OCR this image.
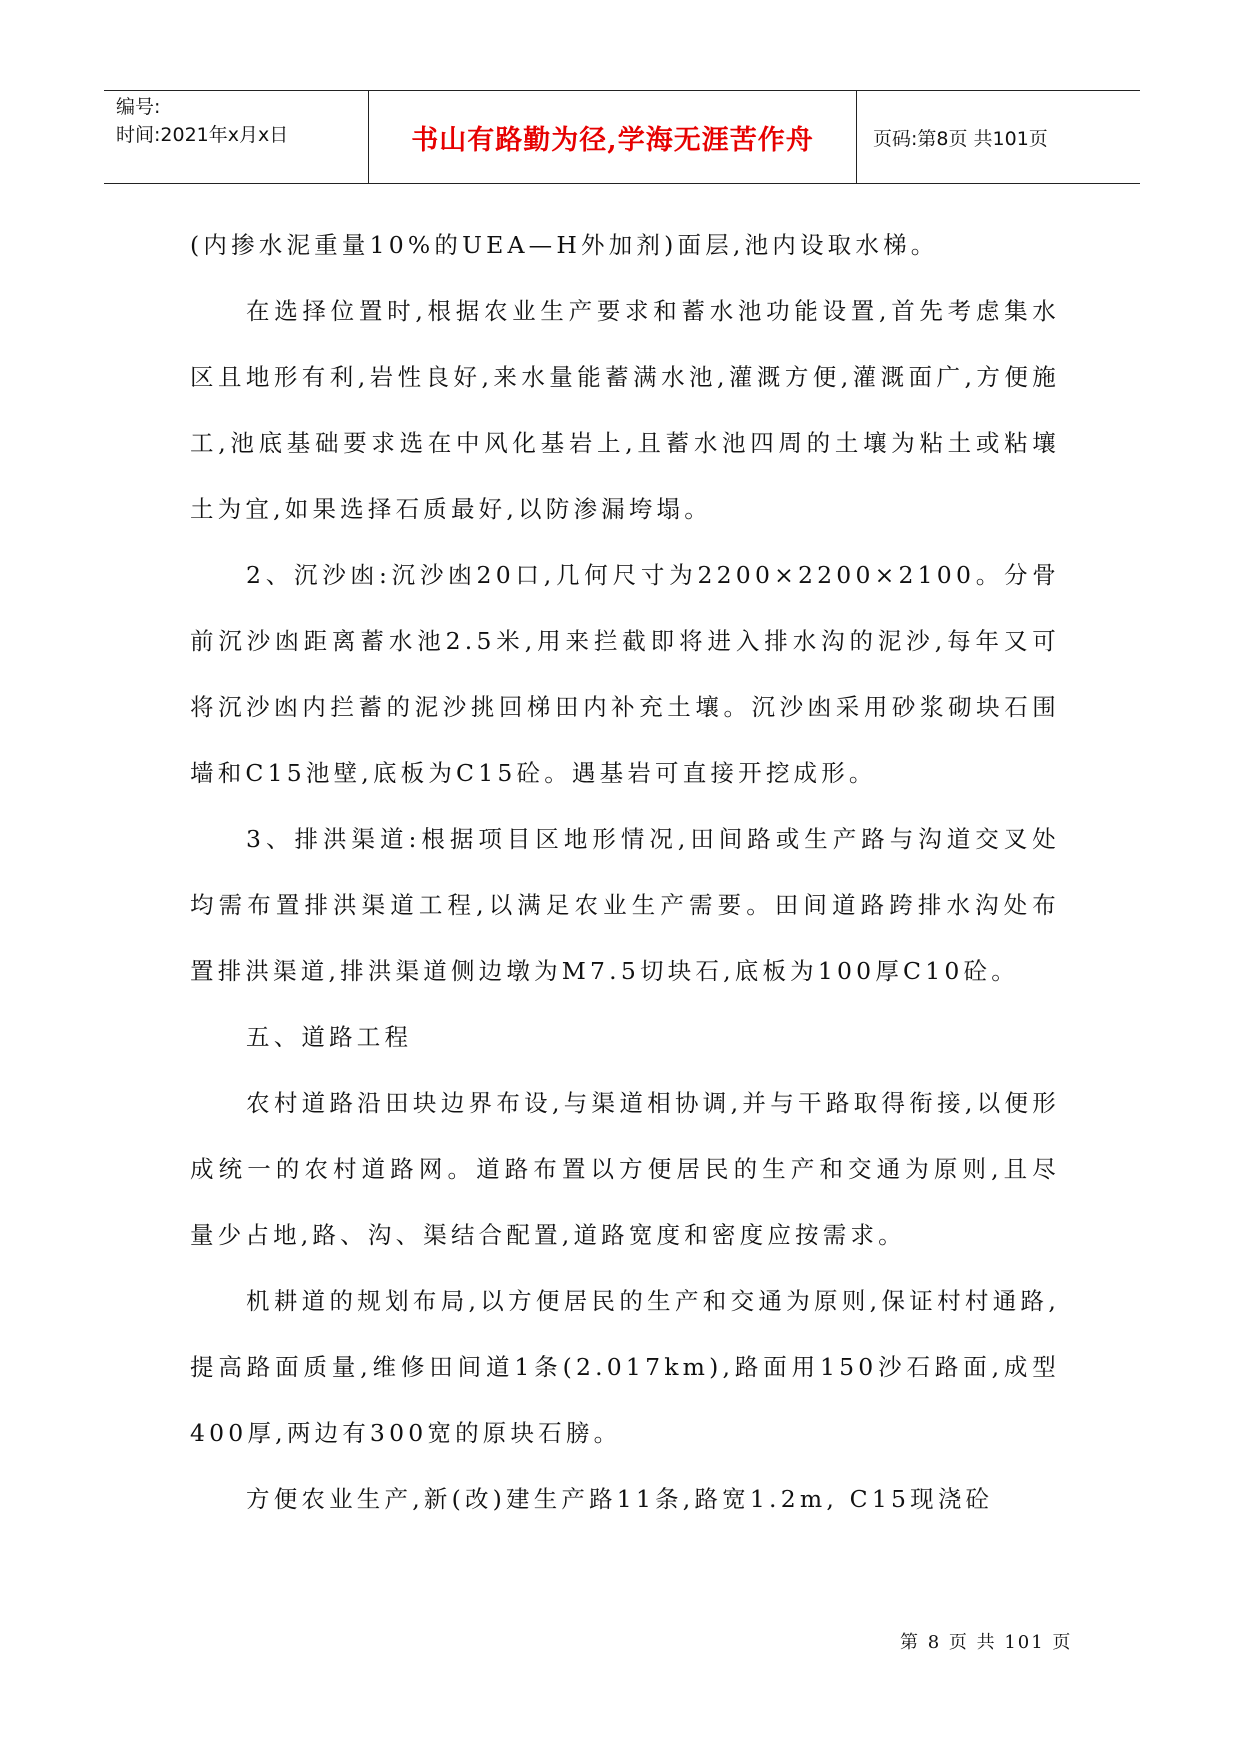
编号:
时间:2021年x月x日	书山有路勤为径,学海无涯苦作舟	页码:第8页 共101页

(内掺水泥重量10%的UEA—H外加剂)面层,池内设取水梯。

在选择位置时,根据农业生产要求和蓄水池功能设置,首先考虑集水区且地形有利,岩性良好,来水量能蓄满水池,灌溉方便,灌溉面广,方便施工,池底基础要求选在中风化基岩上,且蓄水池四周的土壤为粘土或粘壤土为宜,如果选择石质最好,以防渗漏垮塌。

2、沉沙凼:沉沙凼20口,几何尺寸为2200×2200×2100。分骨前沉沙凼距离蓄水池2.5米,用来拦截即将进入排水沟的泥沙,每年又可将沉沙凼内拦蓄的泥沙挑回梯田内补充土壤。沉沙凼采用砂浆砌块石围墙和C15池壁,底板为C15砼。遇基岩可直接开挖成形。

3、排洪渠道:根据项目区地形情况,田间路或生产路与沟道交叉处均需布置排洪渠道工程,以满足农业生产需要。田间道路跨排水沟处布置排洪渠道,排洪渠道侧边墩为M7.5切块石,底板为100厚C10砼。

五、道路工程

农村道路沿田块边界布设,与渠道相协调,并与干路取得衔接,以便形成统一的农村道路网。道路布置以方便居民的生产和交通为原则,且尽量少占地,路、沟、渠结合配置,道路宽度和密度应按需求。

机耕道的规划布局,以方便居民的生产和交通为原则,保证村村通路,提高路面质量,维修田间道1条(2.017km),路面用150沙石路面,成型400厚,两边有300宽的原块石膀。

方便农业生产,新(改)建生产路11条,路宽1.2m, C15现浇砼

第 8 页 共 101 页
